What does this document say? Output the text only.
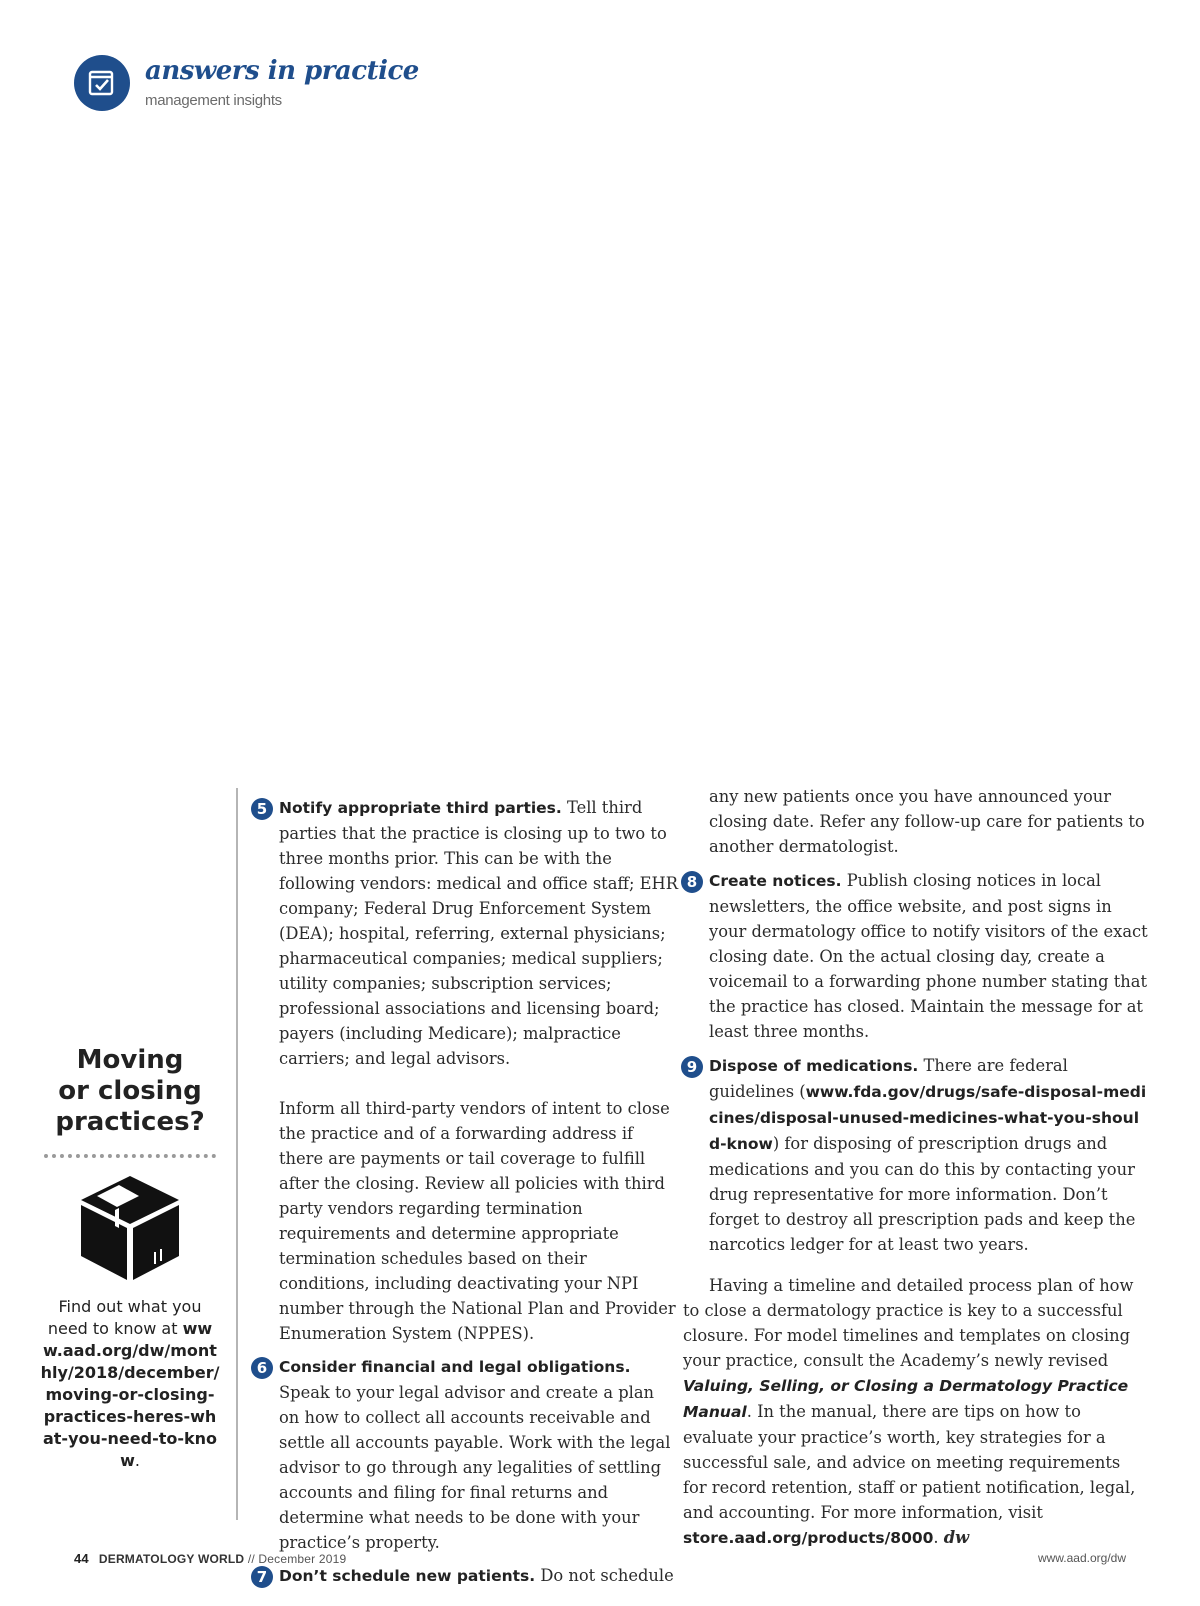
answers in practice
management insights
Moving
or closing
practices?
Find out what you need to know at www.aad.org/dw/monthly/2018/december/moving-or-closing-practices-heres-what-you-need-to-know.
5 Notify appropriate third parties. Tell third parties that the practice is closing up to two to three months prior. This can be with the following vendors: medical and office staff; EHR company; Federal Drug Enforcement System (DEA); hospital, referring, external physicians; pharmaceutical companies; medical suppliers; utility companies; subscription services; professional associations and licensing board; payers (including Medicare); malpractice carriers; and legal advisors.

Inform all third-party vendors of intent to close the practice and of a forwarding address if there are payments or tail coverage to fulfill after the closing. Review all policies with third party vendors regarding termination requirements and determine appropriate termination schedules based on their conditions, including deactivating your NPI number through the National Plan and Provider Enumeration System (NPPES).

6 Consider financial and legal obligations. Speak to your legal advisor and create a plan on how to collect all accounts receivable and settle all accounts payable. Work with the legal advisor to go through any legalities of settling accounts and filing for final returns and determine what needs to be done with your practice’s property.

7 Don’t schedule new patients. Do not schedule

any new patients once you have announced your closing date. Refer any follow-up care for patients to another dermatologist.

8 Create notices. Publish closing notices in local newsletters, the office website, and post signs in your dermatology office to notify visitors of the exact closing date. On the actual closing day, create a voicemail to a forwarding phone number stating that the practice has closed. Maintain the message for at least three months.

9 Dispose of medications. There are federal guidelines (www.fda.gov/drugs/safe-disposal-medicines/disposal-unused-medicines-what-you-should-know) for disposing of prescription drugs and medications and you can do this by contacting your drug representative for more information. Don’t forget to destroy all prescription pads and keep the narcotics ledger for at least two years.

Having a timeline and detailed process plan of how to close a dermatology practice is key to a successful closure. For model timelines and templates on closing your practice, consult the Academy’s newly revised Valuing, Selling, or Closing a Dermatology Practice Manual. In the manual, there are tips on how to evaluate your practice’s worth, key strategies for a successful sale, and advice on meeting requirements for record retention, staff or patient notification, legal, and accounting. For more information, visit store.aad.org/products/8000. dw

44 DERMATOLOGY WORLD // December 2019	www.aad.org/dw
